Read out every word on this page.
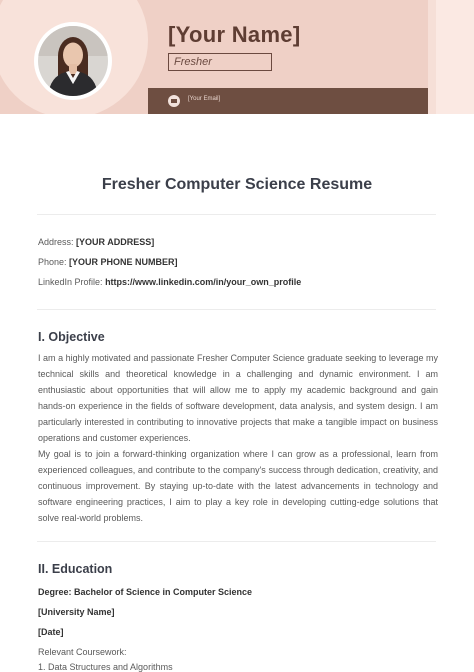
[Your Name]
Fresher
[Your Email]
Fresher Computer Science Resume
Address: [YOUR ADDRESS]
Phone: [YOUR PHONE NUMBER]
LinkedIn Profile: https://www.linkedin.com/in/your_own_profile
I. Objective

I am a highly motivated and passionate Fresher Computer Science graduate seeking to leverage my technical skills and theoretical knowledge in a challenging and dynamic environment. I am enthusiastic about opportunities that will allow me to apply my academic background and gain hands-on experience in the fields of software development, data analysis, and system design. I am particularly interested in contributing to innovative projects that make a tangible impact on business operations and customer experiences.

My goal is to join a forward-thinking organization where I can grow as a professional, learn from experienced colleagues, and contribute to the company's success through dedication, creativity, and continuous improvement. By staying up-to-date with the latest advancements in technology and software engineering practices, I aim to play a key role in developing cutting-edge solutions that solve real-world problems.

II. Education
Degree: Bachelor of Science in Computer Science
[University Name]
[Date]
Relevant Coursework:
1. Data Structures and Algorithms
